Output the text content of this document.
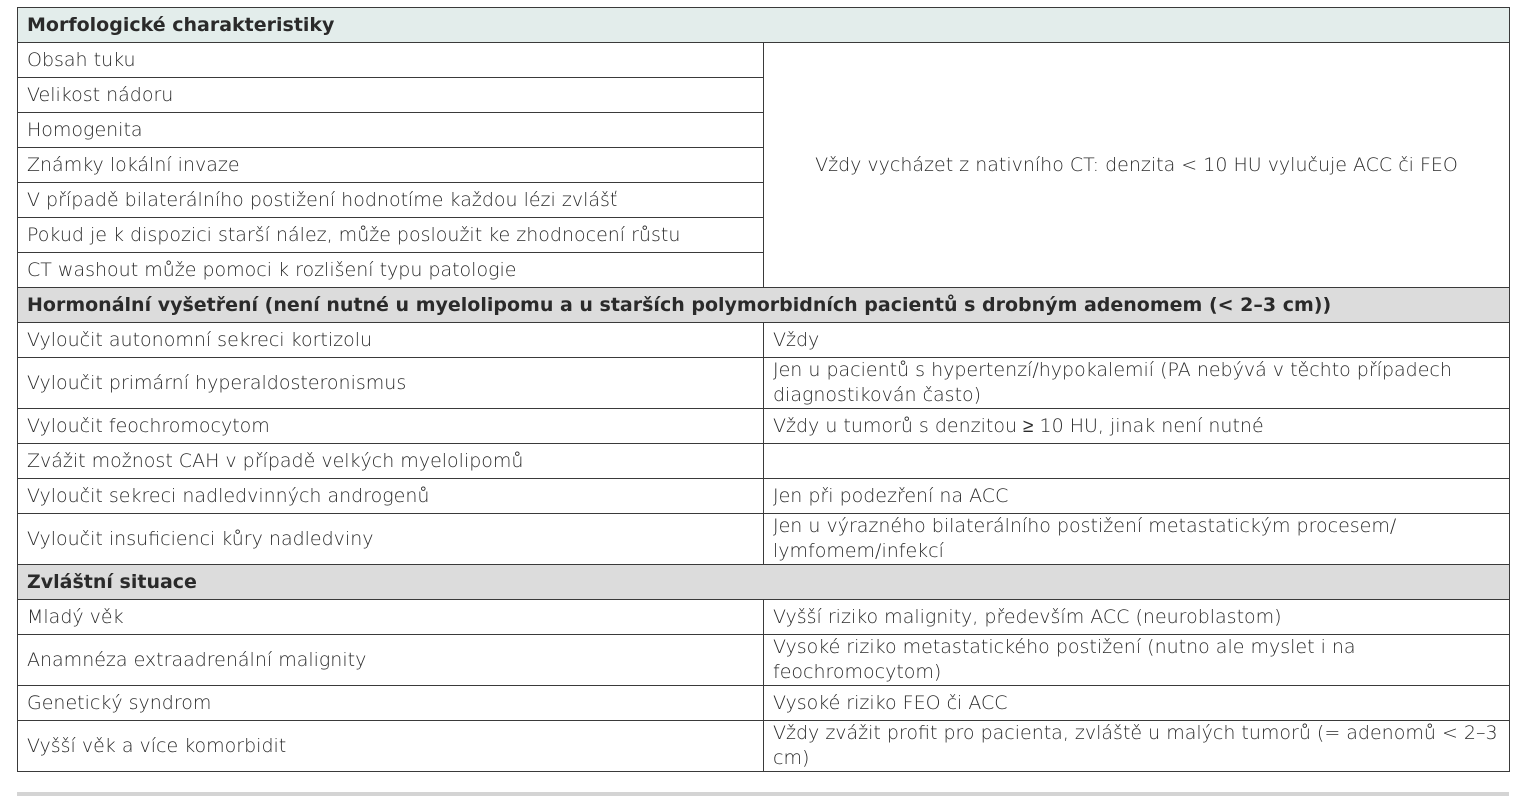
Morfologické charakteristiky	
Obsah tuku	Vždy vycházet z nativního CT: denzita < 10 HU vylučuje ACC či FEO
Velikost nádoru	
Homogenita	
Známky lokální invaze	
V případě bilaterálního postižení hodnotíme každou lézi zvlášť	
Pokud je k dispozici starší nález, může posloužit ke zhodnocení růstu	
CT washout může pomoci k rozlišení typu patologie	
Hormonální vyšetření (není nutné u myelolipomu a u starších polymorbidních pacientů s drobným adenomem (< 2–3 cm))	
Vyloučit autonomní sekreci kortizolu	Vždy
Vyloučit primární hyperaldosteronismus	Jen u pacientů s hypertenzí/hypokalemií (PA nebývá v těchto případech diagnostikován často)
Vyloučit feochromocytom	Vždy u tumorů s denzitou ≥ 10 HU, jinak není nutné
Zvážit možnost CAH v případě velkých myelolipomů	
Vyloučit sekreci nadledvinných androgenů	Jen při podezření na ACC
Vyloučit insuficienci kůry nadledviny	Jen u výrazného bilaterálního postižení metastatickým procesem/ lymfomem/infekcí
Zvláštní situace	
Mladý věk	Vyšší riziko malignity, především ACC (neuroblastom)
Anamnéza extraadrenální malignity	Vysoké riziko metastatického postižení (nutno ale myslet i na feochromocytom)
Genetický syndrom	Vysoké riziko FEO či ACC
Vyšší věk a více komorbidit	Vždy zvážit profit pro pacienta, zvláště u malých tumorů (= adenomů < 2–3 cm)
